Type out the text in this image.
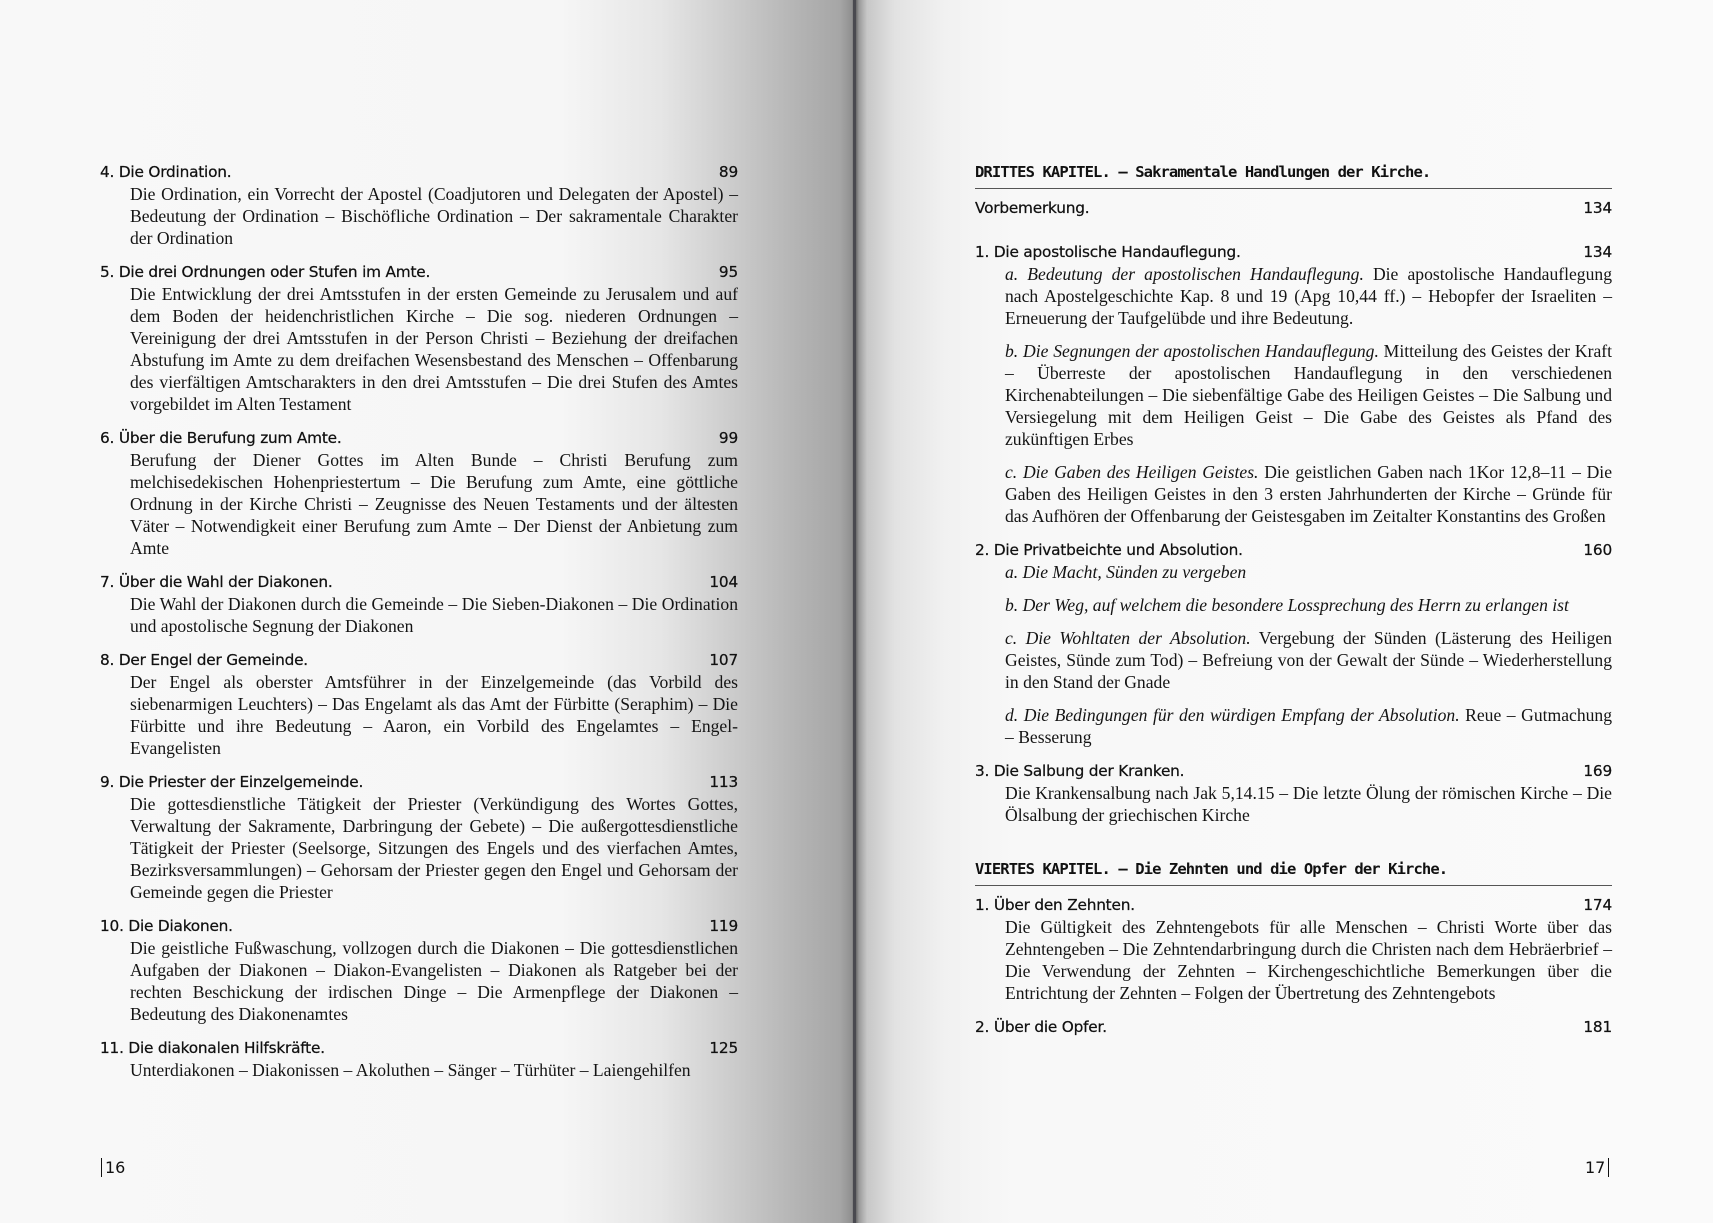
4. Die Ordination.	89
Die Ordination, ein Vorrecht der Apostel (Coadjutoren und Delegaten der Apostel) – Bedeutung der Ordination – Bischöfliche Ordination – Der sakramentale Charakter der Ordination
5. Die drei Ordnungen oder Stufen im Amte.	95
Die Entwicklung der drei Amtsstufen in der ersten Gemeinde zu Jerusalem und auf dem Boden der heidenchristlichen Kirche – Die sog. niederen Ordnungen – Vereinigung der drei Amtsstufen in der Person Christi – Beziehung der dreifachen Abstufung im Amte zu dem dreifachen Wesensbestand des Menschen – Offenbarung des vierfältigen Amtscharakters in den drei Amtsstufen – Die drei Stufen des Amtes vorgebildet im Alten Testament
6. Über die Berufung zum Amte.	99
Berufung der Diener Gottes im Alten Bunde – Christi Berufung zum melchisedekischen Hohenpriestertum – Die Berufung zum Amte, eine göttliche Ordnung in der Kirche Christi – Zeugnisse des Neuen Testaments und der ältesten Väter – Notwendigkeit einer Berufung zum Amte – Der Dienst der Anbietung zum Amte
7. Über die Wahl der Diakonen.	104
Die Wahl der Diakonen durch die Gemeinde – Die Sieben-Diakonen – Die Ordination und apostolische Segnung der Diakonen
8. Der Engel der Gemeinde.	107
Der Engel als oberster Amtsführer in der Einzelgemeinde (das Vorbild des siebenarmigen Leuchters) – Das Engelamt als das Amt der Fürbitte (Seraphim) – Die Fürbitte und ihre Bedeutung – Aaron, ein Vorbild des Engelamtes – Engel-Evangelisten
9. Die Priester der Einzelgemeinde.	113
Die gottesdienstliche Tätigkeit der Priester (Verkündigung des Wortes Gottes, Verwaltung der Sakramente, Darbringung der Gebete) – Die außergottesdienstliche Tätigkeit der Priester (Seelsorge, Sitzungen des Engels und des vierfachen Amtes, Bezirksversammlungen) – Gehorsam der Priester gegen den Engel und Gehorsam der Gemeinde gegen die Priester
10. Die Diakonen.	119
Die geistliche Fußwaschung, vollzogen durch die Diakonen – Die gottesdienstlichen Aufgaben der Diakonen – Diakon-Evangelisten – Diakonen als Ratgeber bei der rechten Beschickung der irdischen Dinge – Die Armenpflege der Diakonen – Bedeutung des Diakonenamtes
11. Die diakonalen Hilfskräfte.	125
Unterdiakonen – Diakonissen – Akoluthen – Sänger – Türhüter – Laiengehilfen
DRITTES KAPITEL. – Sakramentale Handlungen der Kirche.
Vorbemerkung.	134
1. Die apostolische Handauflegung.	134
a. Bedeutung der apostolischen Handauflegung. Die apostolische Handauflegung nach Apostelgeschichte Kap. 8 und 19 (Apg 10,44 ff.) – Hebopfer der Israeliten – Erneuerung der Taufgelübde und ihre Bedeutung.
b. Die Segnungen der apostolischen Handauflegung. Mitteilung des Geistes der Kraft – Überreste der apostolischen Handauflegung in den verschiedenen Kirchenabteilungen – Die siebenfältige Gabe des Heiligen Geistes – Die Salbung und Versiegelung mit dem Heiligen Geist – Die Gabe des Geistes als Pfand des zukünftigen Erbes
c. Die Gaben des Heiligen Geistes. Die geistlichen Gaben nach 1Kor 12,8–11 – Die Gaben des Heiligen Geistes in den 3 ersten Jahrhunderten der Kirche – Gründe für das Aufhören der Offenbarung der Geistesgaben im Zeitalter Konstantins des Großen
2. Die Privatbeichte und Absolution.	160
a. Die Macht, Sünden zu vergeben
b. Der Weg, auf welchem die besondere Lossprechung des Herrn zu erlangen ist
c. Die Wohltaten der Absolution. Vergebung der Sünden (Lästerung des Heiligen Geistes, Sünde zum Tod) – Befreiung von der Gewalt der Sünde – Wiederherstellung in den Stand der Gnade
d. Die Bedingungen für den würdigen Empfang der Absolution. Reue – Gutmachung – Besserung
3. Die Salbung der Kranken.	169
Die Krankensalbung nach Jak 5,14.15 – Die letzte Ölung der römischen Kirche – Die Ölsalbung der griechischen Kirche
VIERTES KAPITEL. – Die Zehnten und die Opfer der Kirche.
1. Über den Zehnten.	174
Die Gültigkeit des Zehntengebots für alle Menschen – Christi Worte über das Zehntengeben – Die Zehntendarbringung durch die Christen nach dem Hebräerbrief – Die Verwendung der Zehnten – Kirchengeschichtliche Bemerkungen über die Entrichtung der Zehnten – Folgen der Übertretung des Zehntengebots
2. Über die Opfer.	181
16	17
